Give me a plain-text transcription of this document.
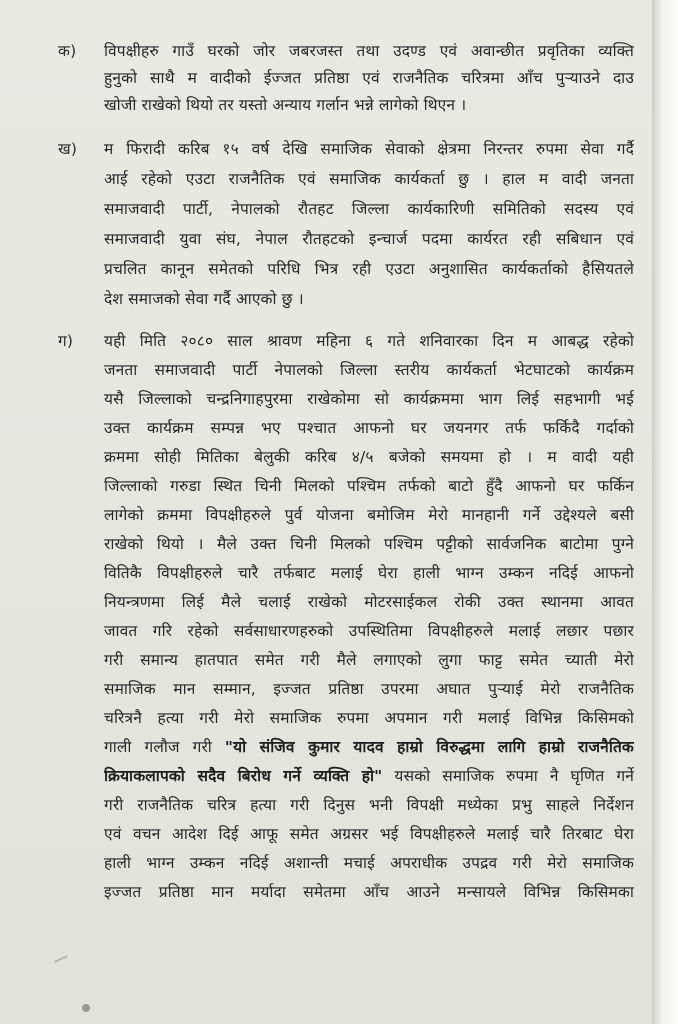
क) विपक्षीहरु गाउँ घरको जोर जबरजस्त तथा उदण्ड एवं अवान्छीत प्रवृतिका व्यक्ति
हुनुको साथै म वादीको ईज्जत प्रतिष्ठा एवं राजनैतिक चरित्रमा आँच पुऱ्याउने दाउ
खोजी राखेको थियो तर यस्तो अन्याय गर्लान भन्ने लागेको थिएन ।
ख) म फिरादी करिब १५ वर्ष देखि समाजिक सेवाको क्षेत्रमा निरन्तर रुपमा सेवा गर्दै
आई रहेको एउटा राजनैतिक एवं समाजिक कार्यकर्ता छु । हाल म वादी जनता
समाजवादी पार्टी, नेपालको रौतहट जिल्ला कार्यकारिणी समितिको सदस्य एवं
समाजवादी युवा संघ, नेपाल रौतहटको इन्चार्ज पदमा कार्यरत रही सबिधान एवं
प्रचलित कानून समेतको परिधि भित्र रही एउटा अनुशासित कार्यकर्ताको हैसियतले
देश समाजको सेवा गर्दै आएको छु ।
ग) यही मिति २०८० साल श्रावण महिना ६ गते शनिवारका दिन म आबद्ध रहेको
जनता समाजवादी पार्टी नेपालको जिल्ला स्तरीय कार्यकर्ता भेटघाटको कार्यक्रम
यसै जिल्लाको चन्द्रनिगाहपुरमा राखेकोमा सो कार्यक्रममा भाग लिई सहभागी भई
उक्त कार्यक्रम सम्पन्न भए पश्चात आफनो घर जयनगर तर्फ फर्किदै गर्दाको
क्रममा सोही मितिका बेलुकी करिब ४/५ बजेको समयमा हो । म वादी यही
जिल्लाको गरुडा स्थित चिनी मिलको पश्चिम तर्फको बाटो हुँदै आफनो घर फर्किन
लागेको क्रममा विपक्षीहरुले पुर्व योजना बमोजिम मेरो मानहानी गर्ने उद्देश्यले बसी
राखेको थियो । मैले उक्त चिनी मिलको पश्चिम पट्टीको सार्वजनिक बाटोमा पुग्ने
वितिकै विपक्षीहरुले चारै तर्फबाट मलाई घेरा हाली भाग्न उम्कन नदिई आफनो
नियन्त्रणमा लिई मैले चलाई राखेको मोटरसाईकल रोकी उक्त स्थानमा आवत
जावत गरि रहेको सर्वसाधारणहरुको उपस्थितिमा विपक्षीहरुले मलाई लछार पछार
गरी समान्य हातपात समेत गरी मैले लगाएको लुगा फाट्ट समेत च्याती मेरो
समाजिक मान सम्मान, इज्जत प्रतिष्ठा उपरमा अघात पुऱ्याई मेरो राजनैतिक
चरित्रनै हत्या गरी मेरो समाजिक रुपमा अपमान गरी मलाई विभिन्न किसिमको
गाली गलौज गरी "यो संजिव कुमार यादव हाम्रो विरुद्धमा लागि हाम्रो राजनैतिक
क्रियाकलापको सदैव बिरोध गर्ने व्यक्ति हो" यसको समाजिक रुपमा नै घृणित गर्ने
गरी राजनैतिक चरित्र हत्या गरी दिनुस भनी विपक्षी मध्येका प्रभु साहले निर्देशन
एवं वचन आदेश दिई आफू समेत अग्रसर भई विपक्षीहरुले मलाई चारै तिरबाट घेरा
हाली भाग्न उम्कन नदिई अशान्ती मचाई अपराधीक उपद्रव गरी मेरो समाजिक
इज्जत प्रतिष्ठा मान मर्यादा समेतमा आँच आउने मन्सायले विभिन्न किसिमका
